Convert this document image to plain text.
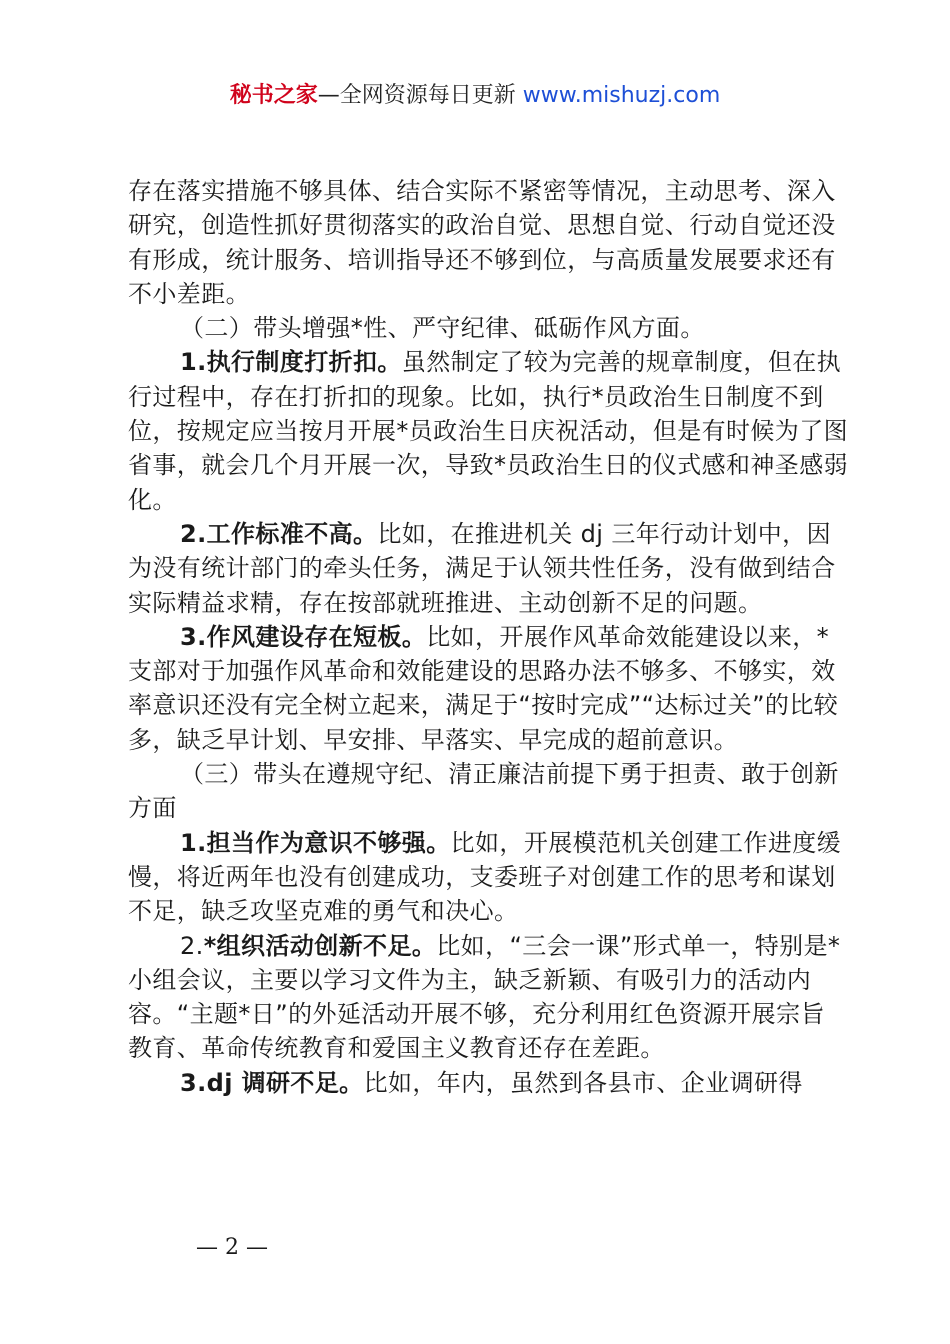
秘书之家—全网资源每日更新 www.mishuzj.com

存在落实措施不够具体、结合实际不紧密等情况，主动思考、深入研究，创造性抓好贯彻落实的政治自觉、思想自觉、行动自觉还没有形成，统计服务、培训指导还不够到位，与高质量发展要求还有不小差距。

（二）带头增强*性、严守纪律、砥砺作风方面。

1.执行制度打折扣。虽然制定了较为完善的规章制度，但在执行过程中，存在打折扣的现象。比如，执行*员政治生日制度不到位，按规定应当按月开展*员政治生日庆祝活动，但是有时候为了图省事，就会几个月开展一次，导致*员政治生日的仪式感和神圣感弱化。

2.工作标准不高。比如，在推进机关 dj 三年行动计划中，因为没有统计部门的牵头任务，满足于认领共性任务，没有做到结合实际精益求精，存在按部就班推进、主动创新不足的问题。

3.作风建设存在短板。比如，开展作风革命效能建设以来，*支部对于加强作风革命和效能建设的思路办法不够多、不够实，效率意识还没有完全树立起来，满足于“按时完成”“达标过关”的比较多，缺乏早计划、早安排、早落实、早完成的超前意识。

（三）带头在遵规守纪、清正廉洁前提下勇于担责、敢于创新方面

1.担当作为意识不够强。比如，开展模范机关创建工作进度缓慢，将近两年也没有创建成功，支委班子对创建工作的思考和谋划不足，缺乏攻坚克难的勇气和决心。

2.*组织活动创新不足。比如，“三会一课”形式单一，特别是*小组会议，主要以学习文件为主，缺乏新颖、有吸引力的活动内容。“主题*日”的外延活动开展不够，充分利用红色资源开展宗旨教育、革命传统教育和爱国主义教育还存在差距。

3.dj 调研不足。比如，年内，虽然到各县市、企业调研得

— 2 —
